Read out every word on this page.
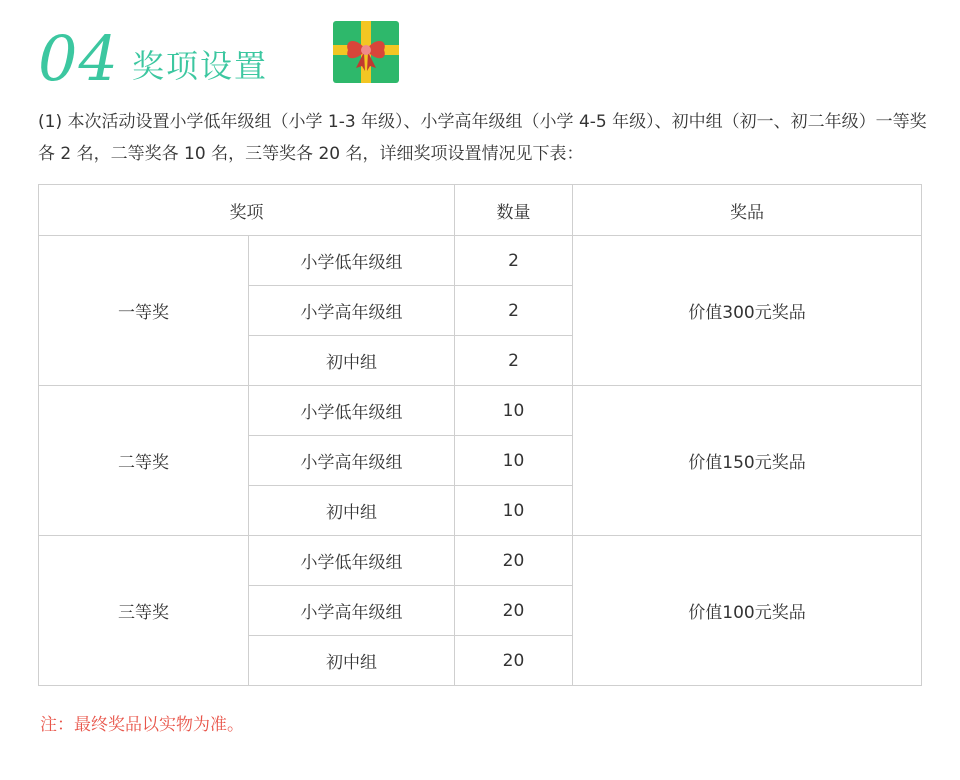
04 奖项设置
(1) 本次活动设置小学低年级组（小学 1-3 年级）、小学高年级组（小学 4-5 年级）、初中组（初一、初二年级）一等奖各 2 名，二等奖各 10 名，三等奖各 20 名，详细奖项设置情况见下表：
奖项		数量	奖品
一等奖	小学低年级组	2	价值300元奖品
	小学高年级组	2	
	初中组	2	
二等奖	小学低年级组	10	价值150元奖品
	小学高年级组	10	
	初中组	10	
三等奖	小学低年级组	20	价值100元奖品
	小学高年级组	20	
	初中组	20	
注：最终奖品以实物为准。
